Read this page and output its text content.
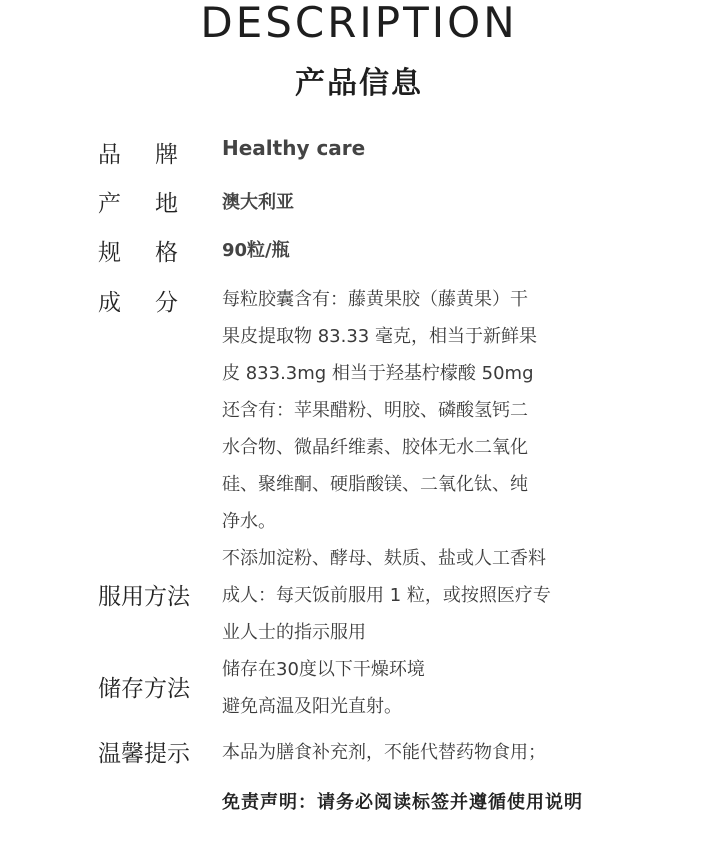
DESCRIPTION
产品信息
品牌 Healthy care
产地 澳大利亚
规格 90粒/瓶
成分 每粒胶囊含有：藤黄果胶（藤黄果）干
果皮提取物 83.33 毫克，相当于新鲜果
皮 833.3mg 相当于羟基柠檬酸 50mg
还含有：苹果醋粉、明胶、磷酸氢钙二
水合物、微晶纤维素、胶体无水二氧化
硅、聚维酮、硬脂酸镁、二氧化钛、纯
净水。
不添加淀粉、酵母、麸质、盐或人工香料
服用方法 成人：每天饭前服用 1 粒，或按照医疗专
业人士的指示服用
储存方法
储存在30度以下干燥环境
避免高温及阳光直射。
温馨提示 本品为膳食补充剂，不能代替药物食用；
免责声明：请务必阅读标签并遵循使用说明
